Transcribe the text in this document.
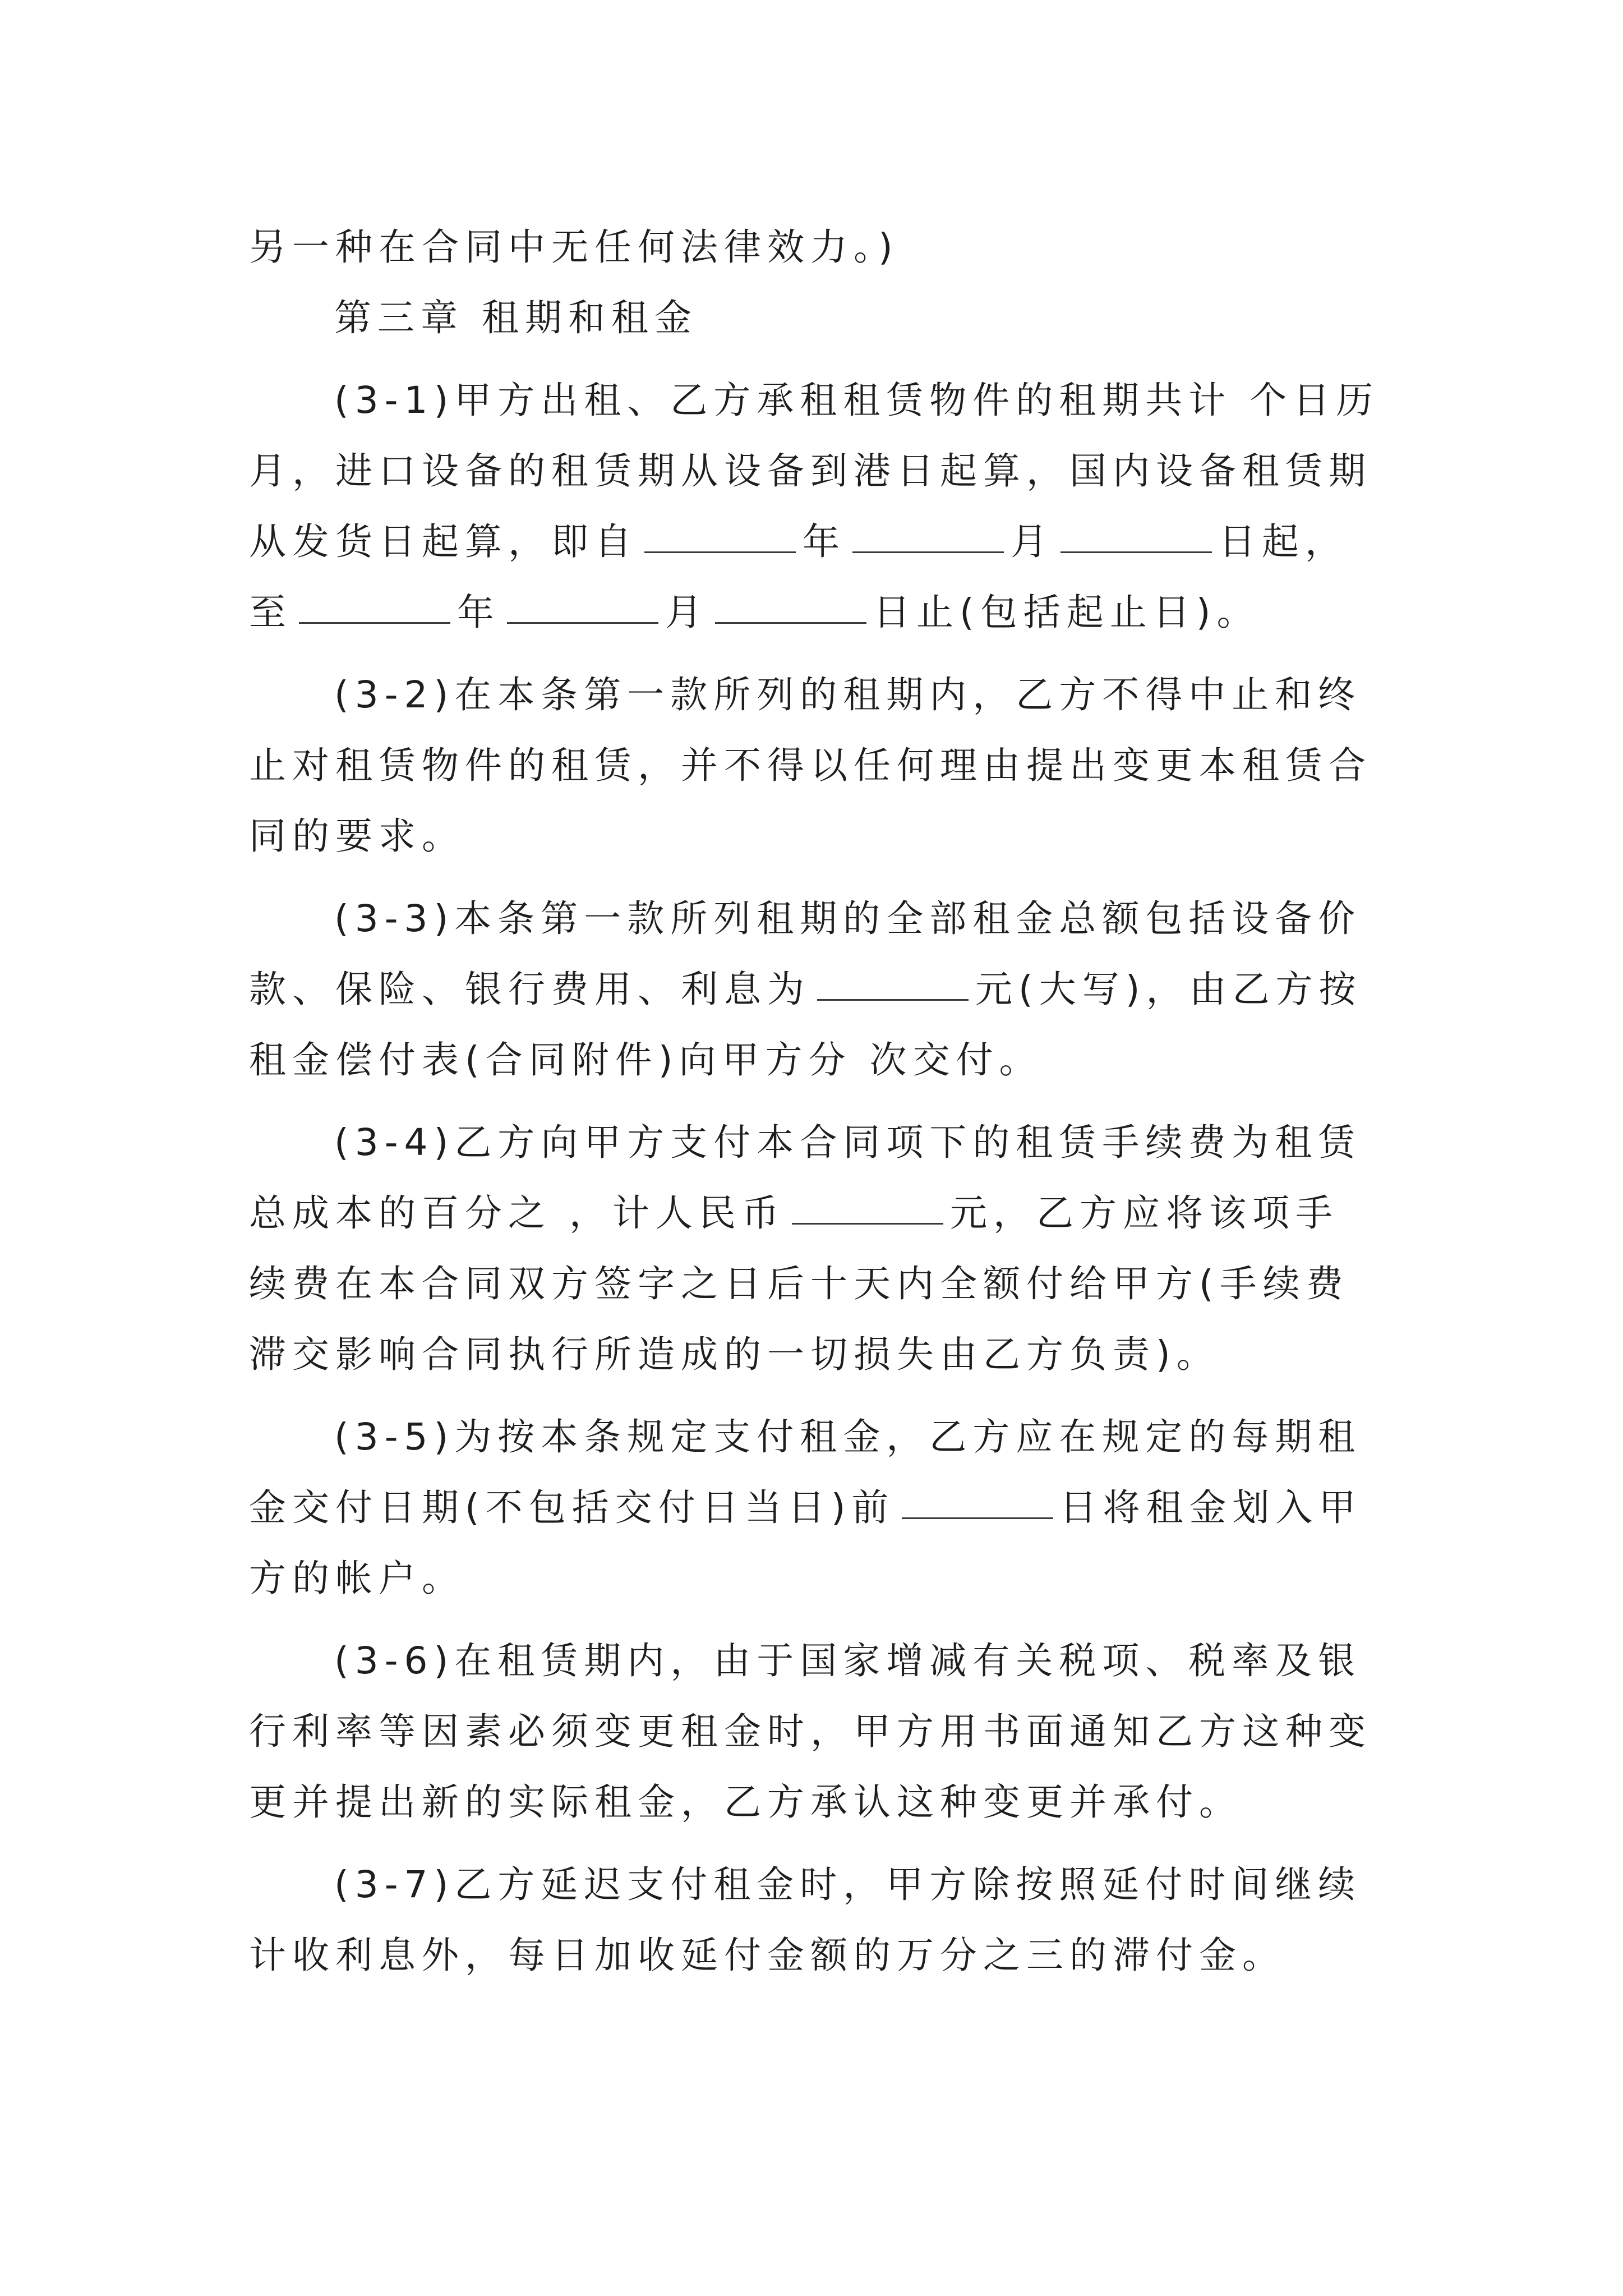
另一种在合同中无任何法律效力。)
第三章 租期和租金
(3-1)甲方出租、乙方承租租赁物件的租期共计 个日历
月，进口设备的租赁期从设备到港日起算，国内设备租赁期
从发货日起算，即自	年	月	日起，
至	年	月	日止(包括起止日)。
(3-2)在本条第一款所列的租期内，乙方不得中止和终
止对租赁物件的租赁，并不得以任何理由提出变更本租赁合
同的要求。
(3-3)本条第一款所列租期的全部租金总额包括设备价
款、保险、银行费用、利息为	元(大写)，由乙方按
租金偿付表(合同附件)向甲方分 次交付。
(3-4)乙方向甲方支付本合同项下的租赁手续费为租赁
总成本的百分之 ，计人民币	元，乙方应将该项手
续费在本合同双方签字之日后十天内全额付给甲方(手续费
滞交影响合同执行所造成的一切损失由乙方负责)。
(3-5)为按本条规定支付租金，乙方应在规定的每期租
金交付日期(不包括交付日当日)前	日将租金划入甲
方的帐户。
(3-6)在租赁期内，由于国家增减有关税项、税率及银
行利率等因素必须变更租金时，甲方用书面通知乙方这种变
更并提出新的实际租金，乙方承认这种变更并承付。
(3-7)乙方延迟支付租金时，甲方除按照延付时间继续
计收利息外，每日加收延付金额的万分之三的滞付金。
